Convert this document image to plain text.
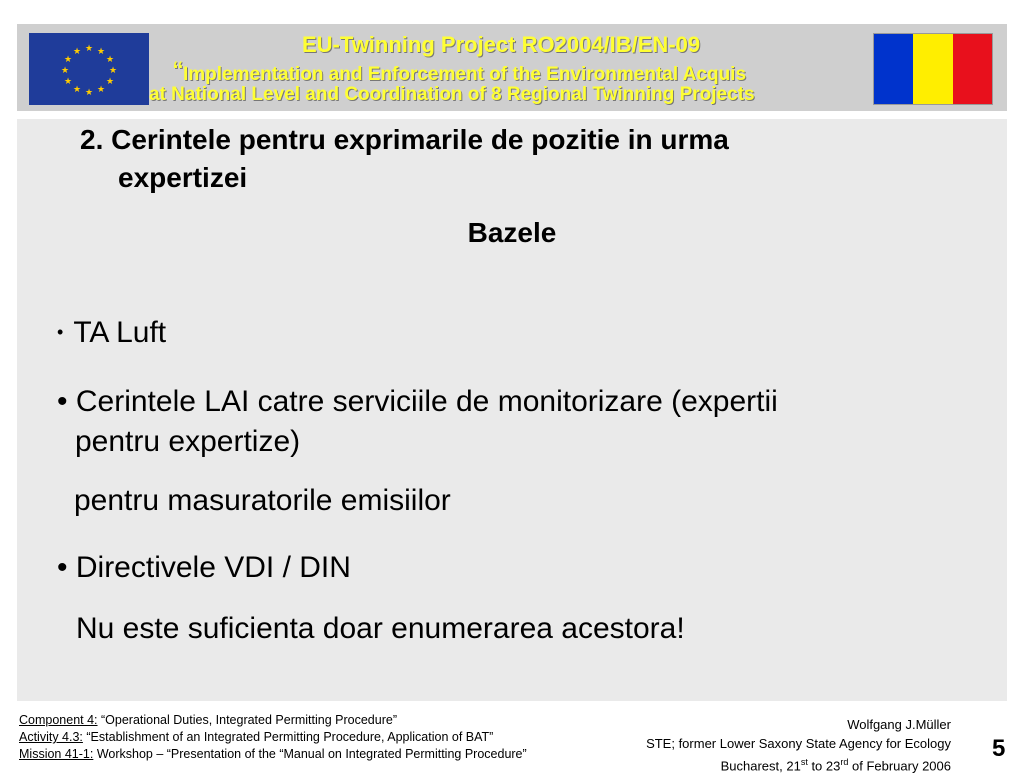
★ ★
★
★
★
★
★
★
★
★
★
★	EU-Twinning Project RO2004/IB/EN-09
“Implementation and Enforcement of the Environmental Acquis
at National Level and Coordination of 8 Regional Twinning Projects
2. Cerintele pentru exprimarile de pozitie in urma
expertizei
Bazele
• TA Luft
• Cerintele LAI catre serviciile de monitorizare (expertii
pentru expertize)
pentru masuratorile emisiilor
• Directivele VDI / DIN
Nu este suficienta doar enumerarea acestora!
Component 4: “Operational Duties, Integrated Permitting Procedure”
Activity 4.3: “Establishment of an Integrated Permitting Procedure, Application of BAT”
Mission 41-1: Workshop – “Presentation of the “Manual on Integrated Permitting Procedure”
Wolfgang J.Müller
STE; former Lower Saxony State Agency for Ecology
Bucharest, 21st to 23rd of February 2006
5
